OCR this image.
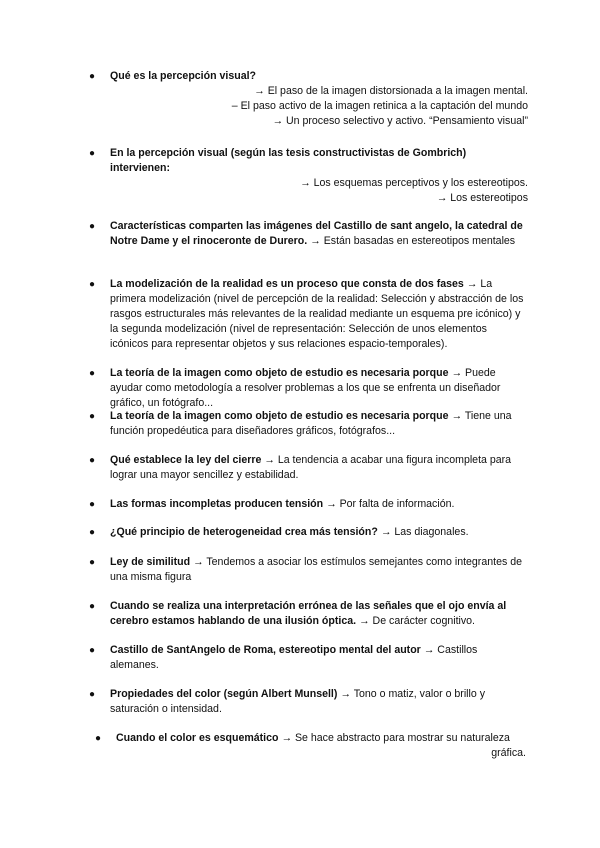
● Qué es la percepción visual?
→ El paso de la imagen distorsionada a la imagen mental.
– El paso activo de la imagen retinica a la captación del mundo
→ Un proceso selectivo y activo. “Pensamiento visual”
● En la percepción visual (según las tesis constructivistas de Gombrich) intervienen:
→ Los esquemas perceptivos y los estereotipos.
→ Los estereotipos
● Características comparten las imágenes del Castillo de sant angelo, la catedral de Notre Dame y el rinoceronte de Durero. → Están basadas en estereotipos mentales
● La modelización de la realidad es un proceso que consta de dos fases → La primera modelización (nivel de percepción de la realidad: Selección y abstracción de los rasgos estructurales más relevantes de la realidad mediante un esquema pre icónico) y la segunda modelización (nivel de representación: Selección de unos elementos icónicos para representar objetos y sus relaciones espacio-temporales).
● La teoría de la imagen como objeto de estudio es necesaria porque → Puede ayudar como metodología a resolver problemas a los que se enfrenta un diseñador gráfico, un fotógrafo...
● La teoría de la imagen como objeto de estudio es necesaria porque → Tiene una función propedéutica para diseñadores gráficos, fotógrafos...
● Qué establece la ley del cierre → La tendencia a acabar una figura incompleta para lograr una mayor sencillez y estabilidad.
● Las formas incompletas producen tensión → Por falta de información.
● ¿Qué principio de heterogeneidad crea más tensión? → Las diagonales.
● Ley de similitud → Tendemos a asociar los estímulos semejantes como integrantes de una misma figura
● Cuando se realiza una interpretación errónea de las señales que el ojo envía al cerebro estamos hablando de una ilusión óptica. → De carácter cognitivo.
● Castillo de SantAngelo de Roma, estereotipo mental del autor → Castillos alemanes.
● Propiedades del color (según Albert Munsell) → Tono o matiz, valor o brillo y saturación o intensidad.
● Cuando el color es esquemático → Se hace abstracto para mostrar su naturaleza
gráfica.
